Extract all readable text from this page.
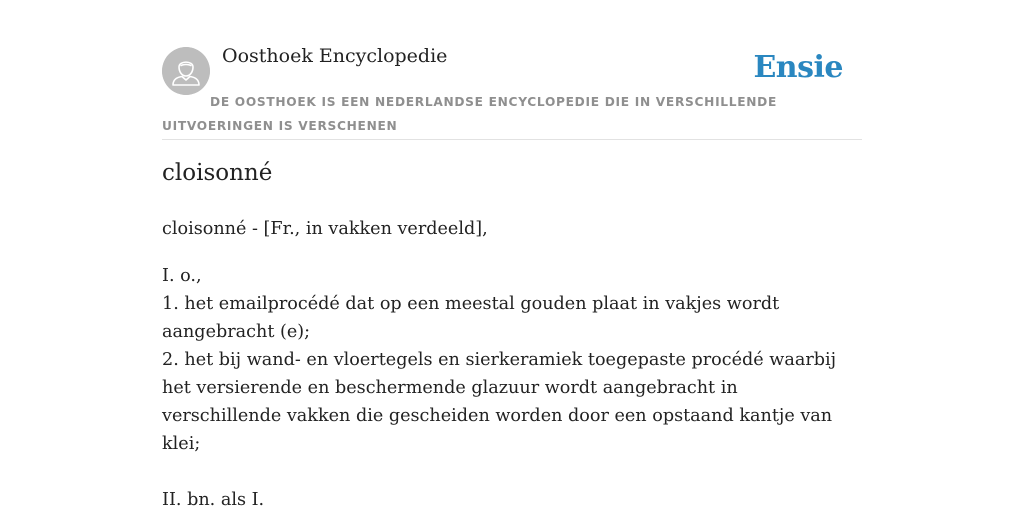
Oosthoek Encyclopedie	Ensie
DE OOSTHOEK IS EEN NEDERLANDSE ENCYCLOPEDIE DIE IN VERSCHILLENDE UITVOERINGEN IS VERSCHENEN
cloisonné

cloisonné - [Fr., in vakken verdeeld],

I. o.,

1. het emailprocédé dat op een meestal gouden plaat in vakjes wordt aangebracht (e);

2. het bij wand- en vloertegels en sierkeramiek toegepaste procédé waarbij het versierende en beschermende glazuur wordt aangebracht in verschillende vakken die gescheiden worden door een opstaand kantje van klei;

II. bn. als I.
